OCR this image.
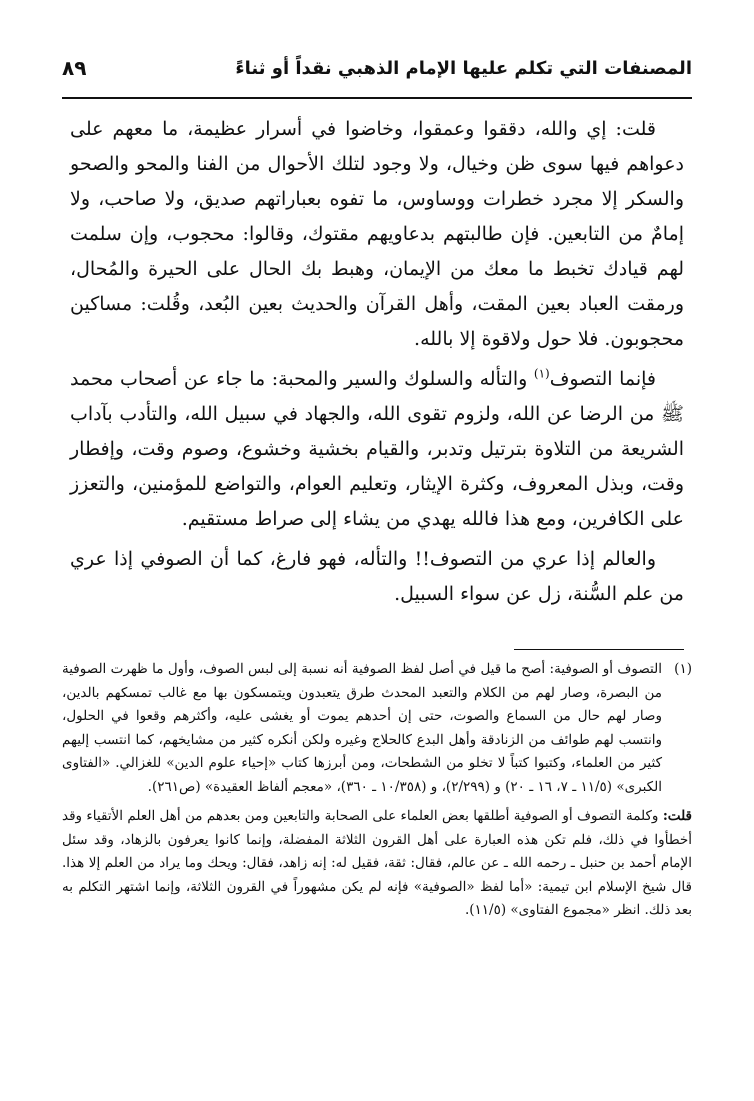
المصنفات التي تكلم عليها الإمام الذهبي نقداً أو ثناءً
٨٩

قلت: إي والله، دققوا وعمقوا، وخاضوا في أسرار عظيمة، ما معهم على دعواهم فيها سوى ظن وخيال، ولا وجود لتلك الأحوال من الفنا والمحو والصحو والسكر إلا مجرد خطرات ووساوس، ما تفوه بعباراتهم صديق، ولا صاحب، ولا إمامٌ من التابعين. فإن طالبتهم بدعاويهم مقتوك، وقالوا: محجوب، وإن سلمت لهم قيادك تخبط ما معك من الإيمان، وهبط بك الحال على الحيرة والمُحال، ورمقت العباد بعين المقت، وأهل القرآن والحديث بعين البُعد، وقُلت: مساكين محجوبون. فلا حول ولاقوة إلا بالله.

فإنما التصوف$^{(١)}$ والتأله والسلوك والسير والمحبة: ما جاء عن أصحاب محمد ﷺ من الرضا عن الله، ولزوم تقوى الله، والجهاد في سبيل الله، والتأدب بآداب الشريعة من التلاوة بترتيل وتدبر، والقيام بخشية وخشوع، وصوم وقت، وإفطار وقت، وبذل المعروف، وكثرة الإيثار، وتعليم العوام، والتواضع للمؤمنين، والتعزز على الكافرين، ومع هذا فالله يهدي من يشاء إلى صراط مستقيم.

والعالم إذا عري من التصوف!! والتأله، فهو فارغ، كما أن الصوفي إذا عري من علم السُّنة، زل عن سواء السبيل.

(١)
التصوف أو الصوفية: أصح ما قيل في أصل لفظ الصوفية أنه نسبة إلى لبس الصوف، وأول ما ظهرت الصوفية من البصرة، وصار لهم من الكلام والتعبد المحدث طرق يتعبدون ويتمسكون بها مع غالب تمسكهم بالدين، وصار لهم حال من السماع والصوت، حتى إن أحدهم يموت أو يغشى عليه، وأكثرهم وقعوا في الحلول، وانتسب لهم طوائف من الزنادقة وأهل البدع كالحلاج وغيره ولكن أنكره كثير من مشايخهم، كما انتسب إليهم كثير من العلماء، وكتبوا كتباً لا تخلو من الشطحات، ومن أبرزها كتاب «إحياء علوم الدين» للغزالي. «الفتاوى الكبرى» (١١/٥ ـ ٧، ١٦ ـ ٢٠) و (٢/٢٩٩)، و (١٠/٣٥٨ ـ ٣٦٠)، «معجم ألفاظ العقيدة» (ص٢٦١).
قلت: وكلمة التصوف أو الصوفية أطلقها بعض العلماء على الصحابة والتابعين ومن بعدهم من أهل العلم الأتقياء وقد أخطأوا في ذلك، فلم تكن هذه العبارة على أهل القرون الثلاثة المفضلة، وإنما كانوا يعرفون بالزهاد، وقد سئل الإمام أحمد بن حنبل ـ رحمه الله ـ عن عالم، فقال: ثقة، فقيل له: إنه زاهد، فقال: ويحك وما يراد من العلم إلا هذا. قال شيخ الإسلام ابن تيمية: «أما لفظ «الصوفية» فإنه لم يكن مشهوراً في القرون الثلاثة، وإنما اشتهر التكلم به بعد ذلك. انظر «مجموع الفتاوى» (١١/٥).
